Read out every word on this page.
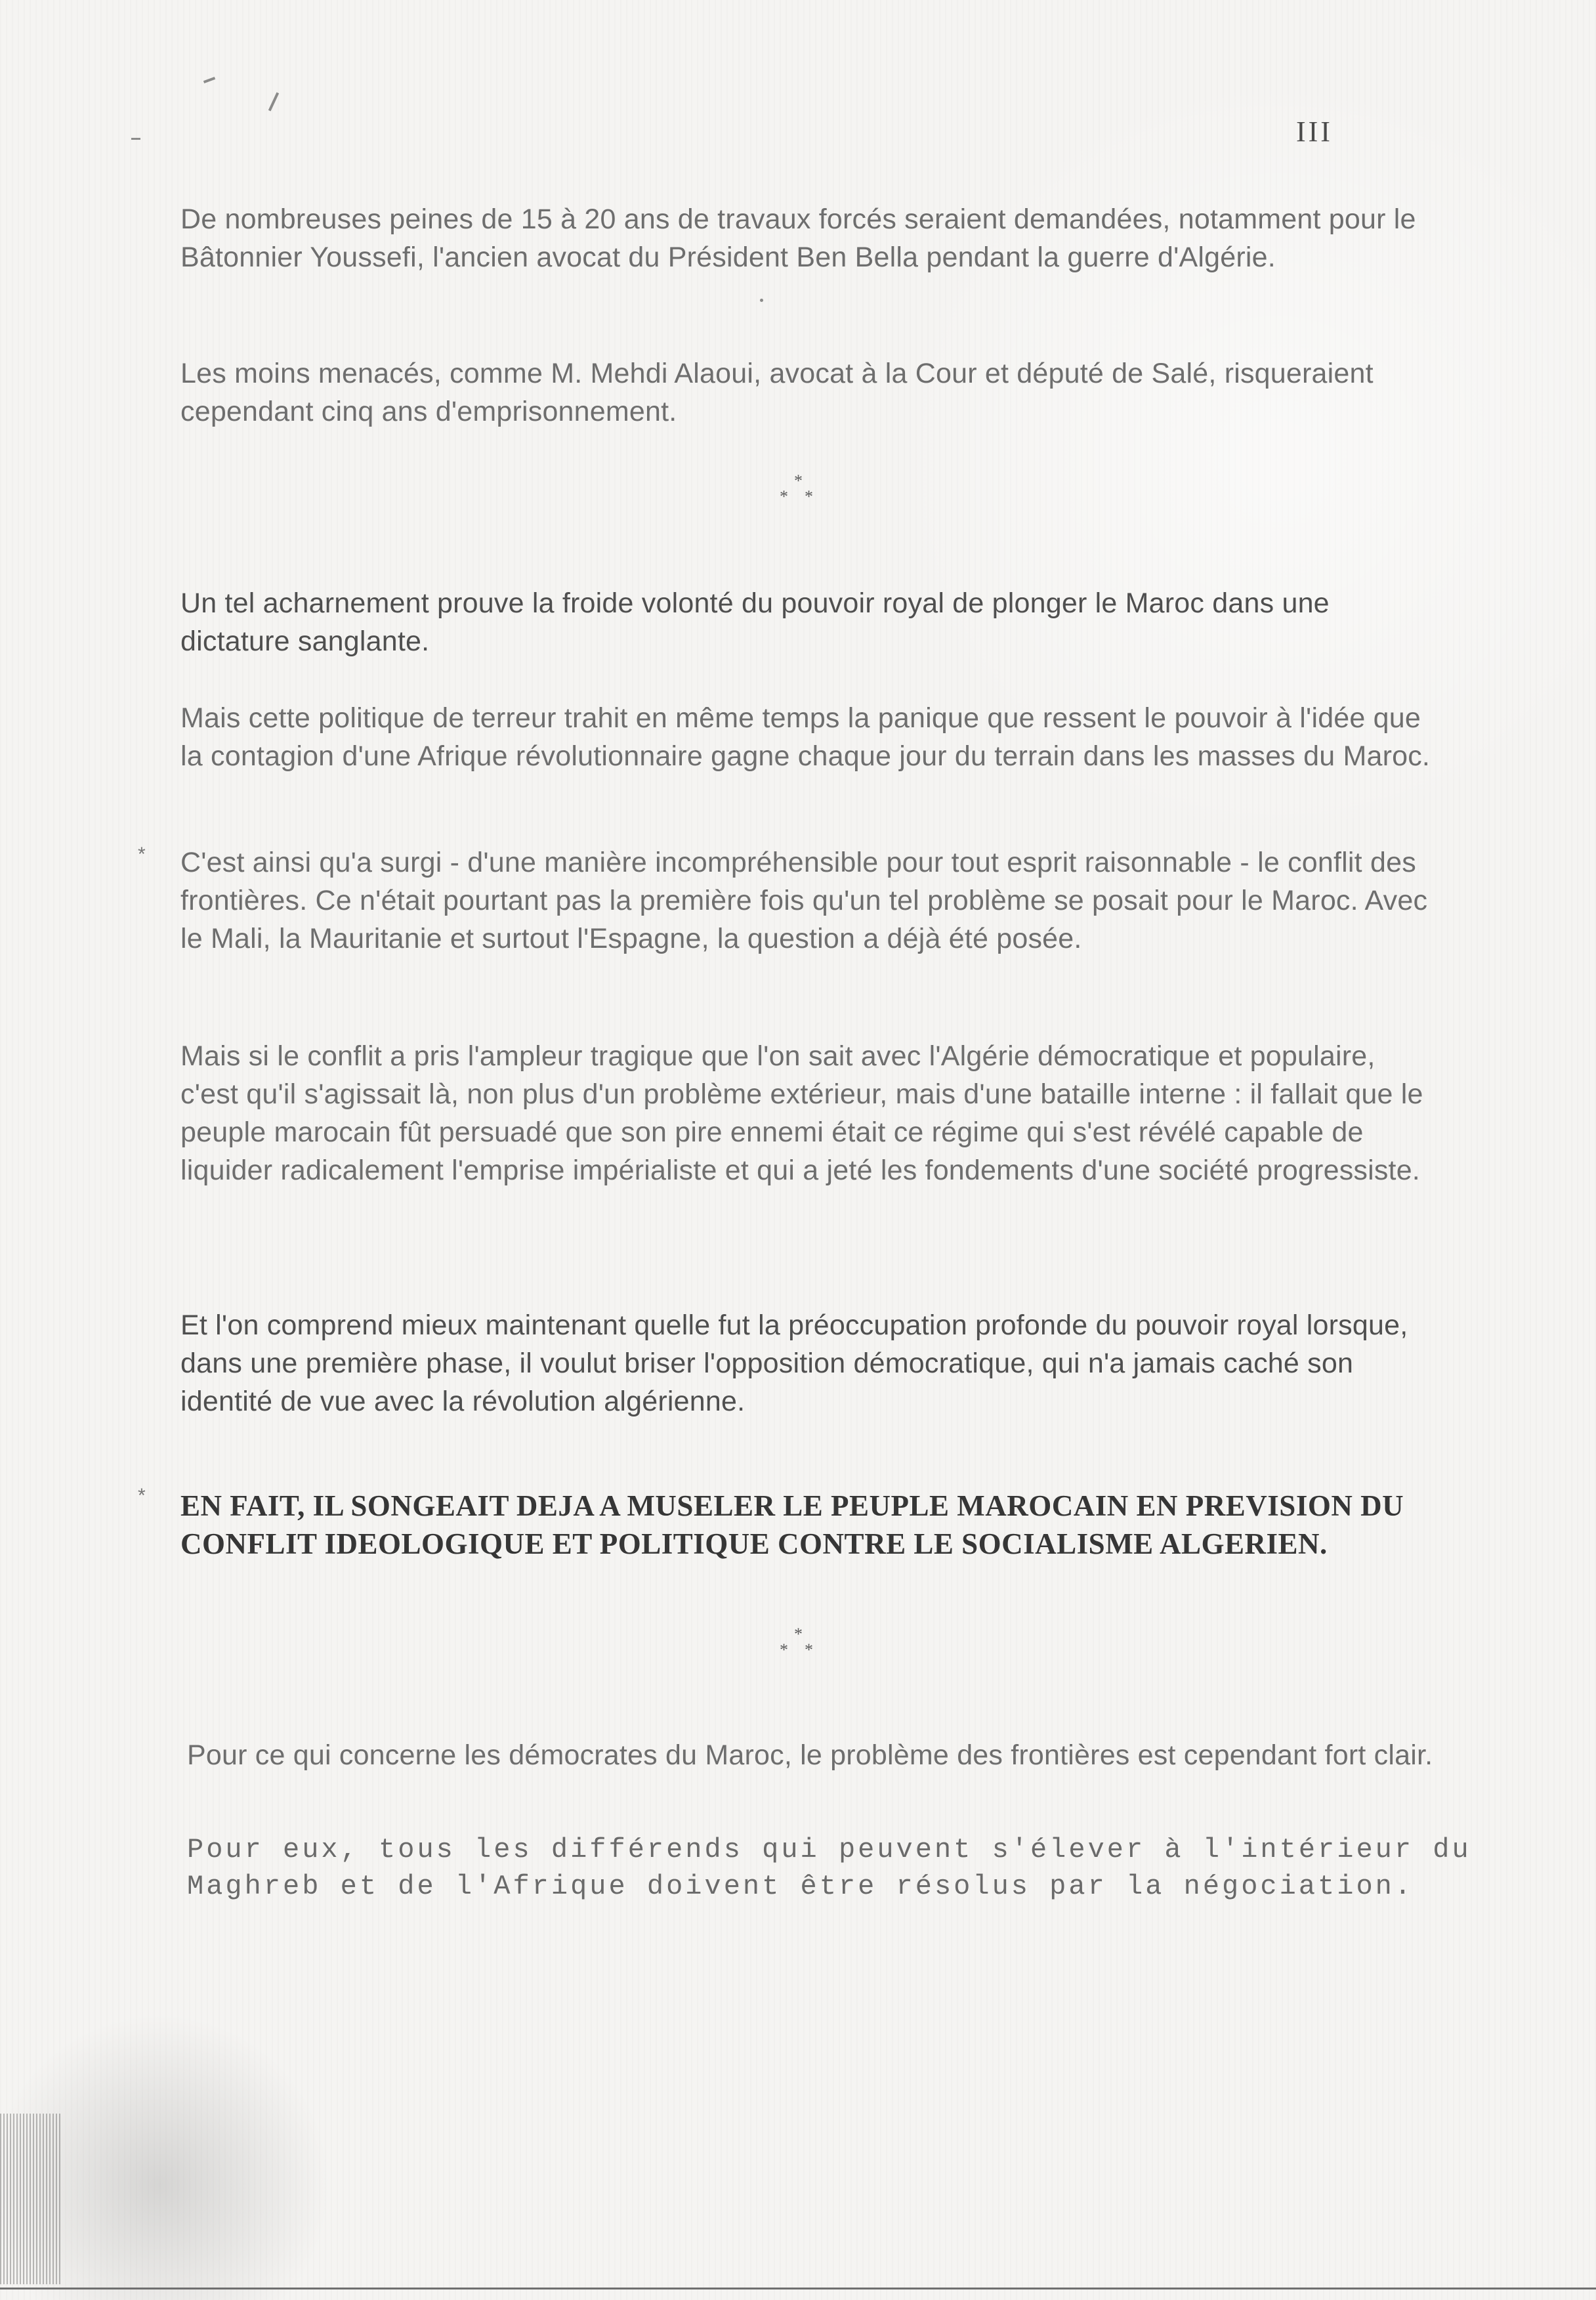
III

De nombreuses peines de 15 à 20 ans de travaux forcés seraient demandées, notamment pour le Bâtonnier Youssefi, l'ancien avocat du Président Ben Bella pendant la guerre d'Algérie.

Les moins menacés, comme M. Mehdi Alaoui, avocat à la Cour et député de Salé, risqueraient cependant cinq ans d'emprisonnement.

*
* *

Un tel acharnement prouve la froide volonté du pouvoir royal de plonger le Maroc dans une dictature sanglante.

Mais cette politique de terreur trahit en même temps la panique que ressent le pouvoir à l'idée que la contagion d'une Afrique révolutionnaire gagne chaque jour du terrain dans les masses du Maroc.

C'est ainsi qu'a surgi - d'une manière incompréhensible pour tout esprit raisonnable - le conflit des frontières. Ce n'était pourtant pas la première fois qu'un tel problème se posait pour le Maroc. Avec le Mali, la Mauritanie et surtout l'Espagne, la question a déjà été posée.

Mais si le conflit a pris l'ampleur tragique que l'on sait avec l'Algérie démocratique et populaire, c'est qu'il s'agissait là, non plus d'un problème extérieur, mais d'une bataille interne : il fallait que le peuple marocain fût persuadé que son pire ennemi était ce régime qui s'est révélé capable de liquider radicalement l'emprise impérialiste et qui a jeté les fondements d'une société progressiste.

Et l'on comprend mieux maintenant quelle fut la préoccupation profonde du pouvoir royal lorsque, dans une première phase, il voulut briser l'opposition démocratique, qui n'a jamais caché son identité de vue avec la révolution algérienne.

EN FAIT, IL SONGEAIT DEJA A MUSELER LE PEUPLE MAROCAIN EN PREVISION DU CONFLIT IDEOLOGIQUE ET POLITIQUE CONTRE LE SOCIALISME ALGERIEN.

*
* *

Pour ce qui concerne les démocrates du Maroc, le problème des frontières est cependant fort clair.

Pour eux, tous les différends qui peuvent s'élever à l'intérieur du Maghreb et de l'Afrique doivent être résolus par la négociation.

*
*
